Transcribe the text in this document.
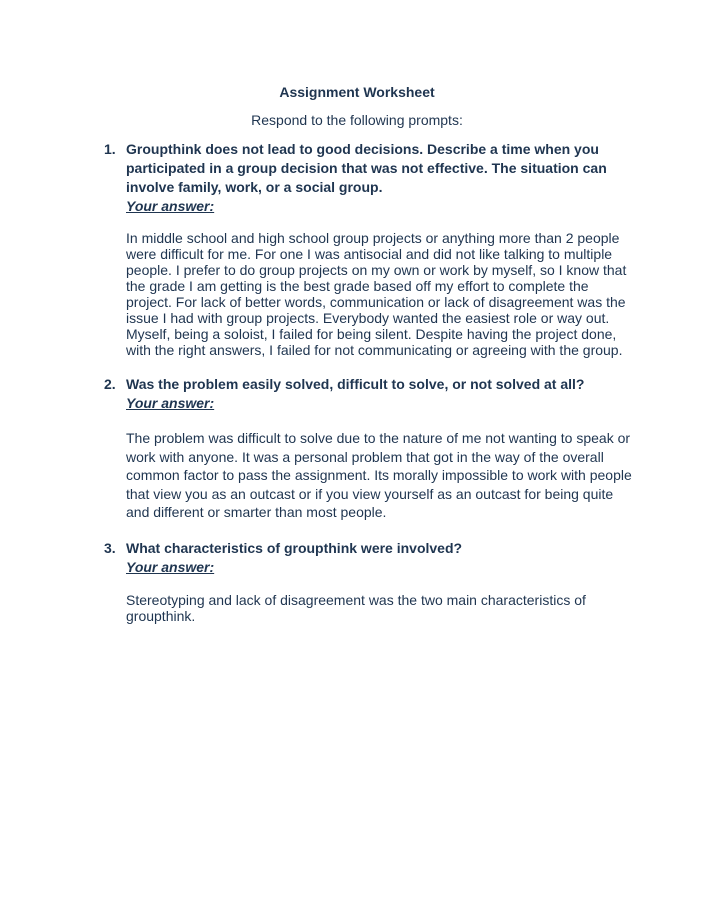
Assignment Worksheet
Respond to the following prompts:
1. Groupthink does not lead to good decisions. Describe a time when you participated in a group decision that was not effective. The situation can involve family, work, or a social group.
Your answer:
In middle school and high school group projects or anything more than 2 people were difficult for me. For one I was antisocial and did not like talking to multiple people. I prefer to do group projects on my own or work by myself, so I know that the grade I am getting is the best grade based off my effort to complete the project. For lack of better words, communication or lack of disagreement was the issue I had with group projects. Everybody wanted the easiest role or way out. Myself, being a soloist, I failed for being silent. Despite having the project done, with the right answers, I failed for not communicating or agreeing with the group.
2. Was the problem easily solved, difficult to solve, or not solved at all?
Your answer:
The problem was difficult to solve due to the nature of me not wanting to speak or work with anyone. It was a personal problem that got in the way of the overall common factor to pass the assignment. Its morally impossible to work with people that view you as an outcast or if you view yourself as an outcast for being quite and different or smarter than most people.
3. What characteristics of groupthink were involved?
Your answer:
Stereotyping and lack of disagreement was the two main characteristics of groupthink.
